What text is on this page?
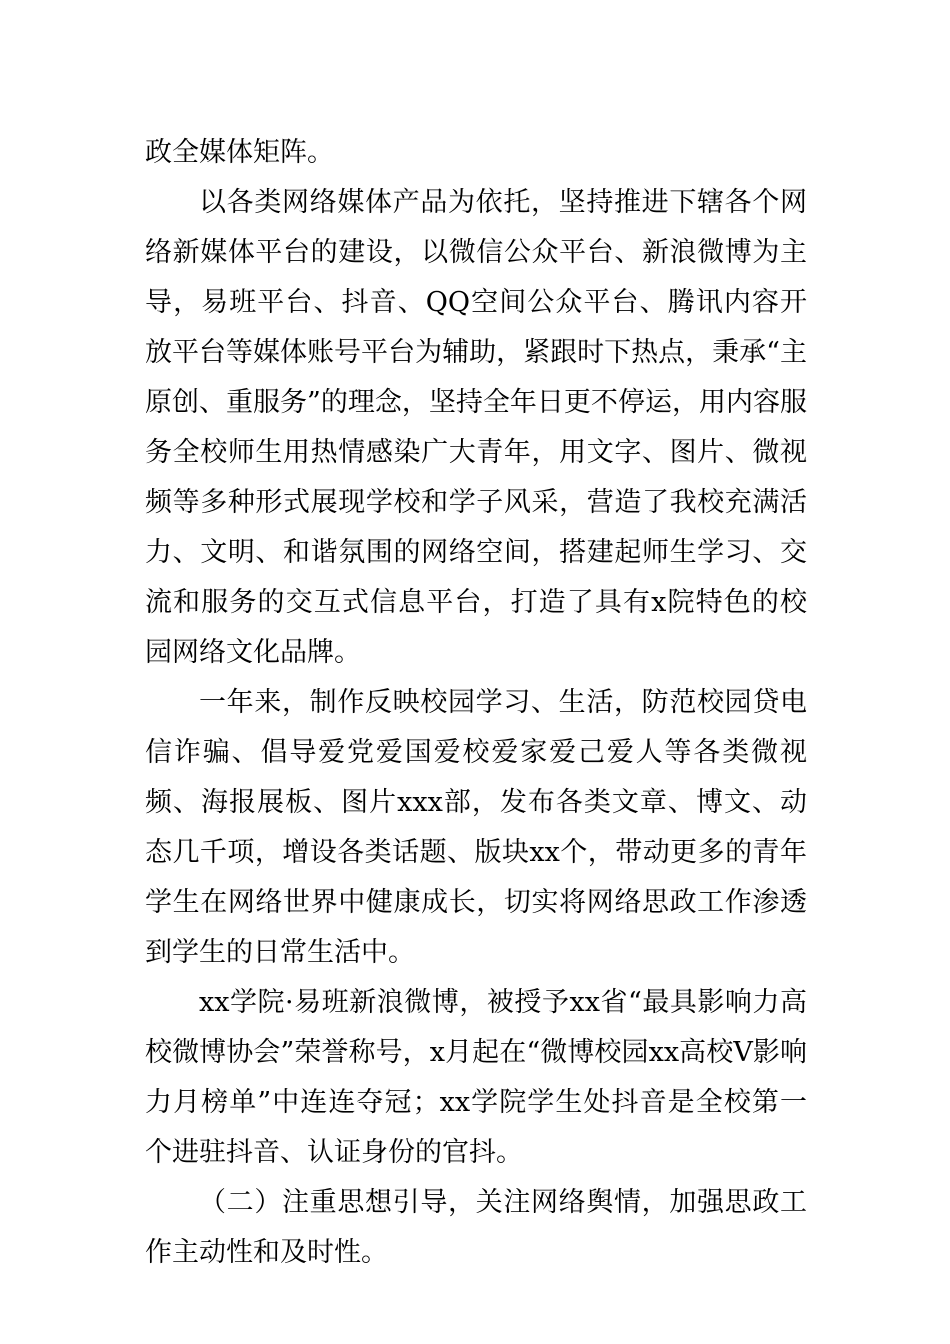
政全媒体矩阵。

以各类网络媒体产品为依托，坚持推进下辖各个网络新媒体平台的建设，以微信公众平台、新浪微博为主导，易班平台、抖音、QQ空间公众平台、腾讯内容开放平台等媒体账号平台为辅助，紧跟时下热点，秉承“主原创、重服务”的理念，坚持全年日更不停运，用内容服务全校师生用热情感染广大青年，用文字、图片、微视频等多种形式展现学校和学子风采，营造了我校充满活力、文明、和谐氛围的网络空间，搭建起师生学习、交流和服务的交互式信息平台，打造了具有x院特色的校园网络文化品牌。

一年来，制作反映校园学习、生活，防范校园贷电信诈骗、倡导爱党爱国爱校爱家爱己爱人等各类微视频、海报展板、图片xxx部，发布各类文章、博文、动态几千项，增设各类话题、版块xx个，带动更多的青年学生在网络世界中健康成长，切实将网络思政工作渗透到学生的日常生活中。

xx学院·易班新浪微博，被授予xx省“最具影响力高校微博协会”荣誉称号，x月起在“微博校园xx高校V影响力月榜单”中连连夺冠；xx学院学生处抖音是全校第一个进驻抖音、认证身份的官抖。

（二）注重思想引导，关注网络舆情，加强思政工作主动性和及时性。
